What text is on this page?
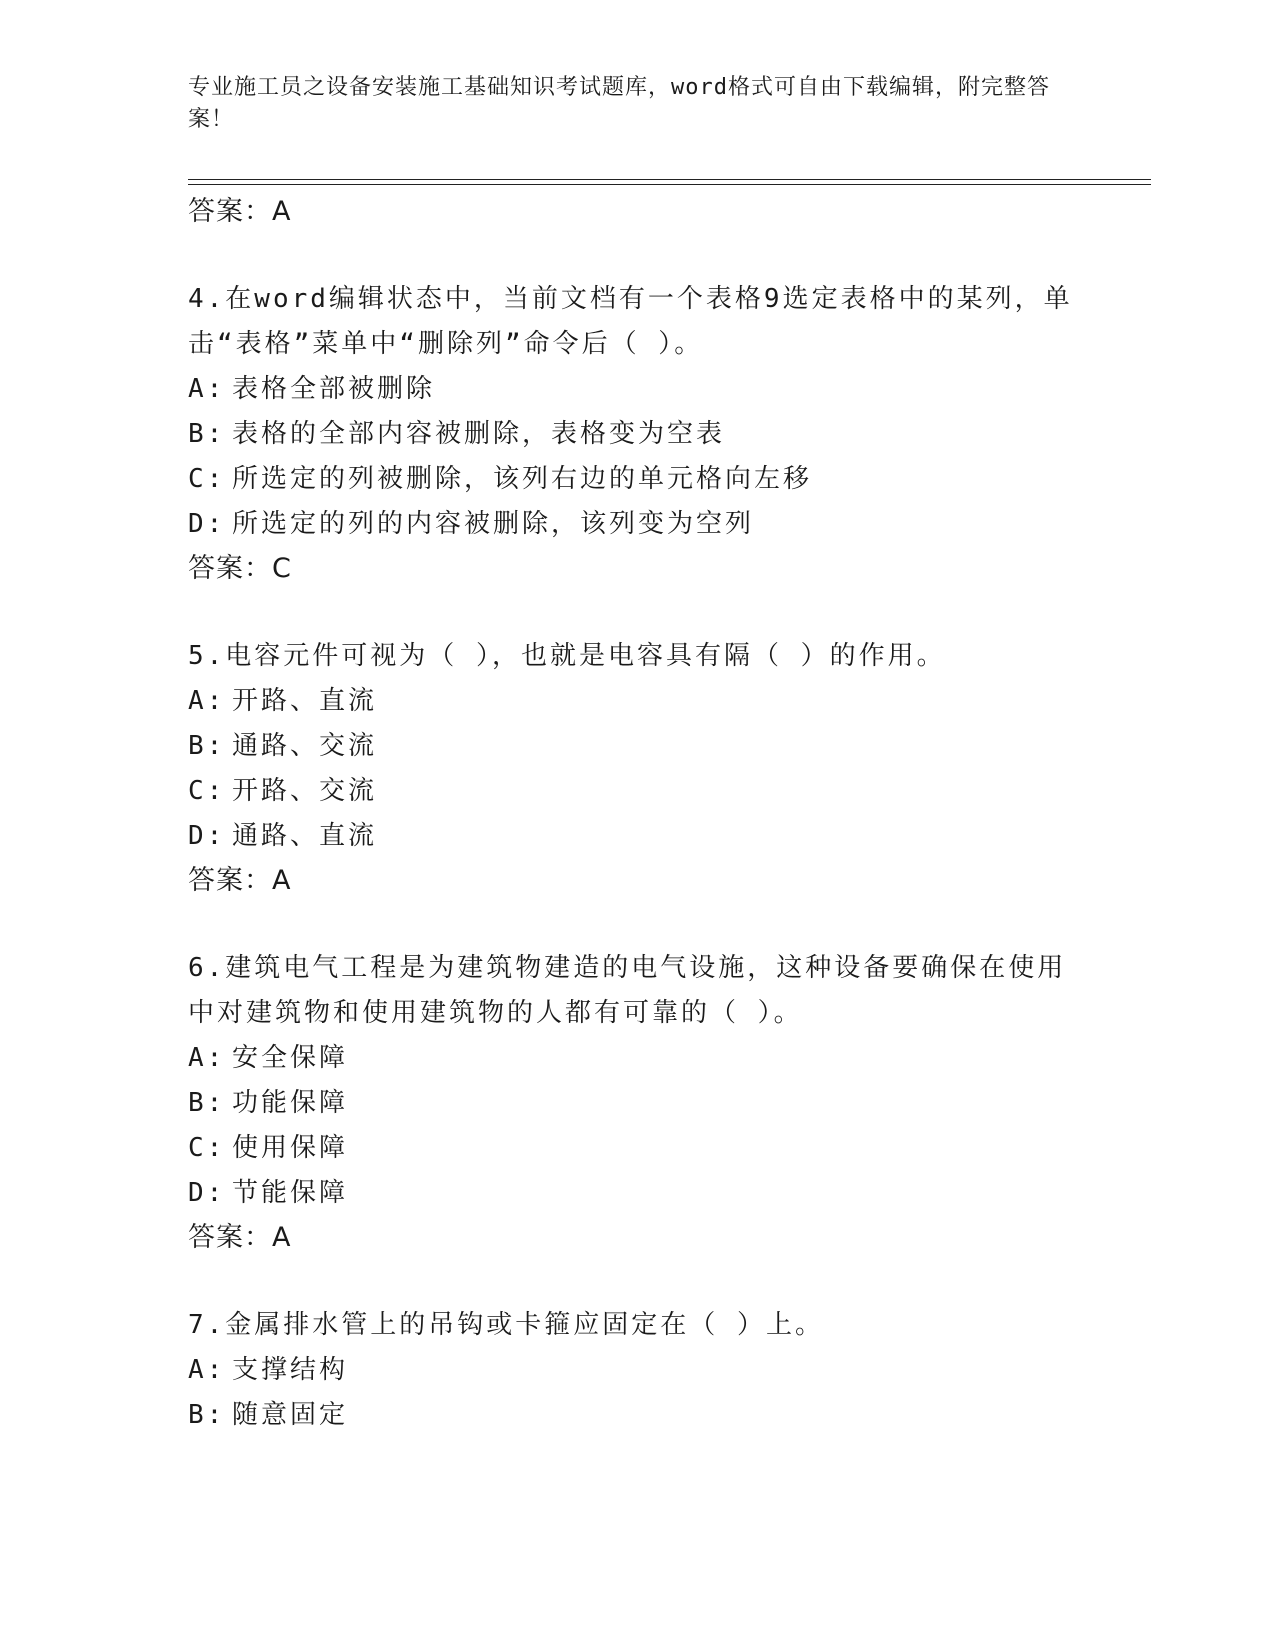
专业施工员之设备安装施工基础知识考试题库，word格式可自由下载编辑，附完整答案！
答案：A

4.在word编辑状态中，当前文档有一个表格9选定表格中的某列，单击“表格”菜单中“删除列”命令后（ ）。

A: 表格全部被删除
B: 表格的全部内容被删除，表格变为空表
C: 所选定的列被删除，该列右边的单元格向左移
D: 所选定的列的内容被删除，该列变为空列
答案：C

5.电容元件可视为（ ），也就是电容具有隔（ ）的作用。

A: 开路、直流
B: 通路、交流
C: 开路、交流
D: 通路、直流
答案：A

6.建筑电气工程是为建筑物建造的电气设施，这种设备要确保在使用中对建筑物和使用建筑物的人都有可靠的（ ）。

A: 安全保障
B: 功能保障
C: 使用保障
D: 节能保障
答案：A

7.金属排水管上的吊钩或卡箍应固定在（ ）上。

A: 支撑结构
B: 随意固定
